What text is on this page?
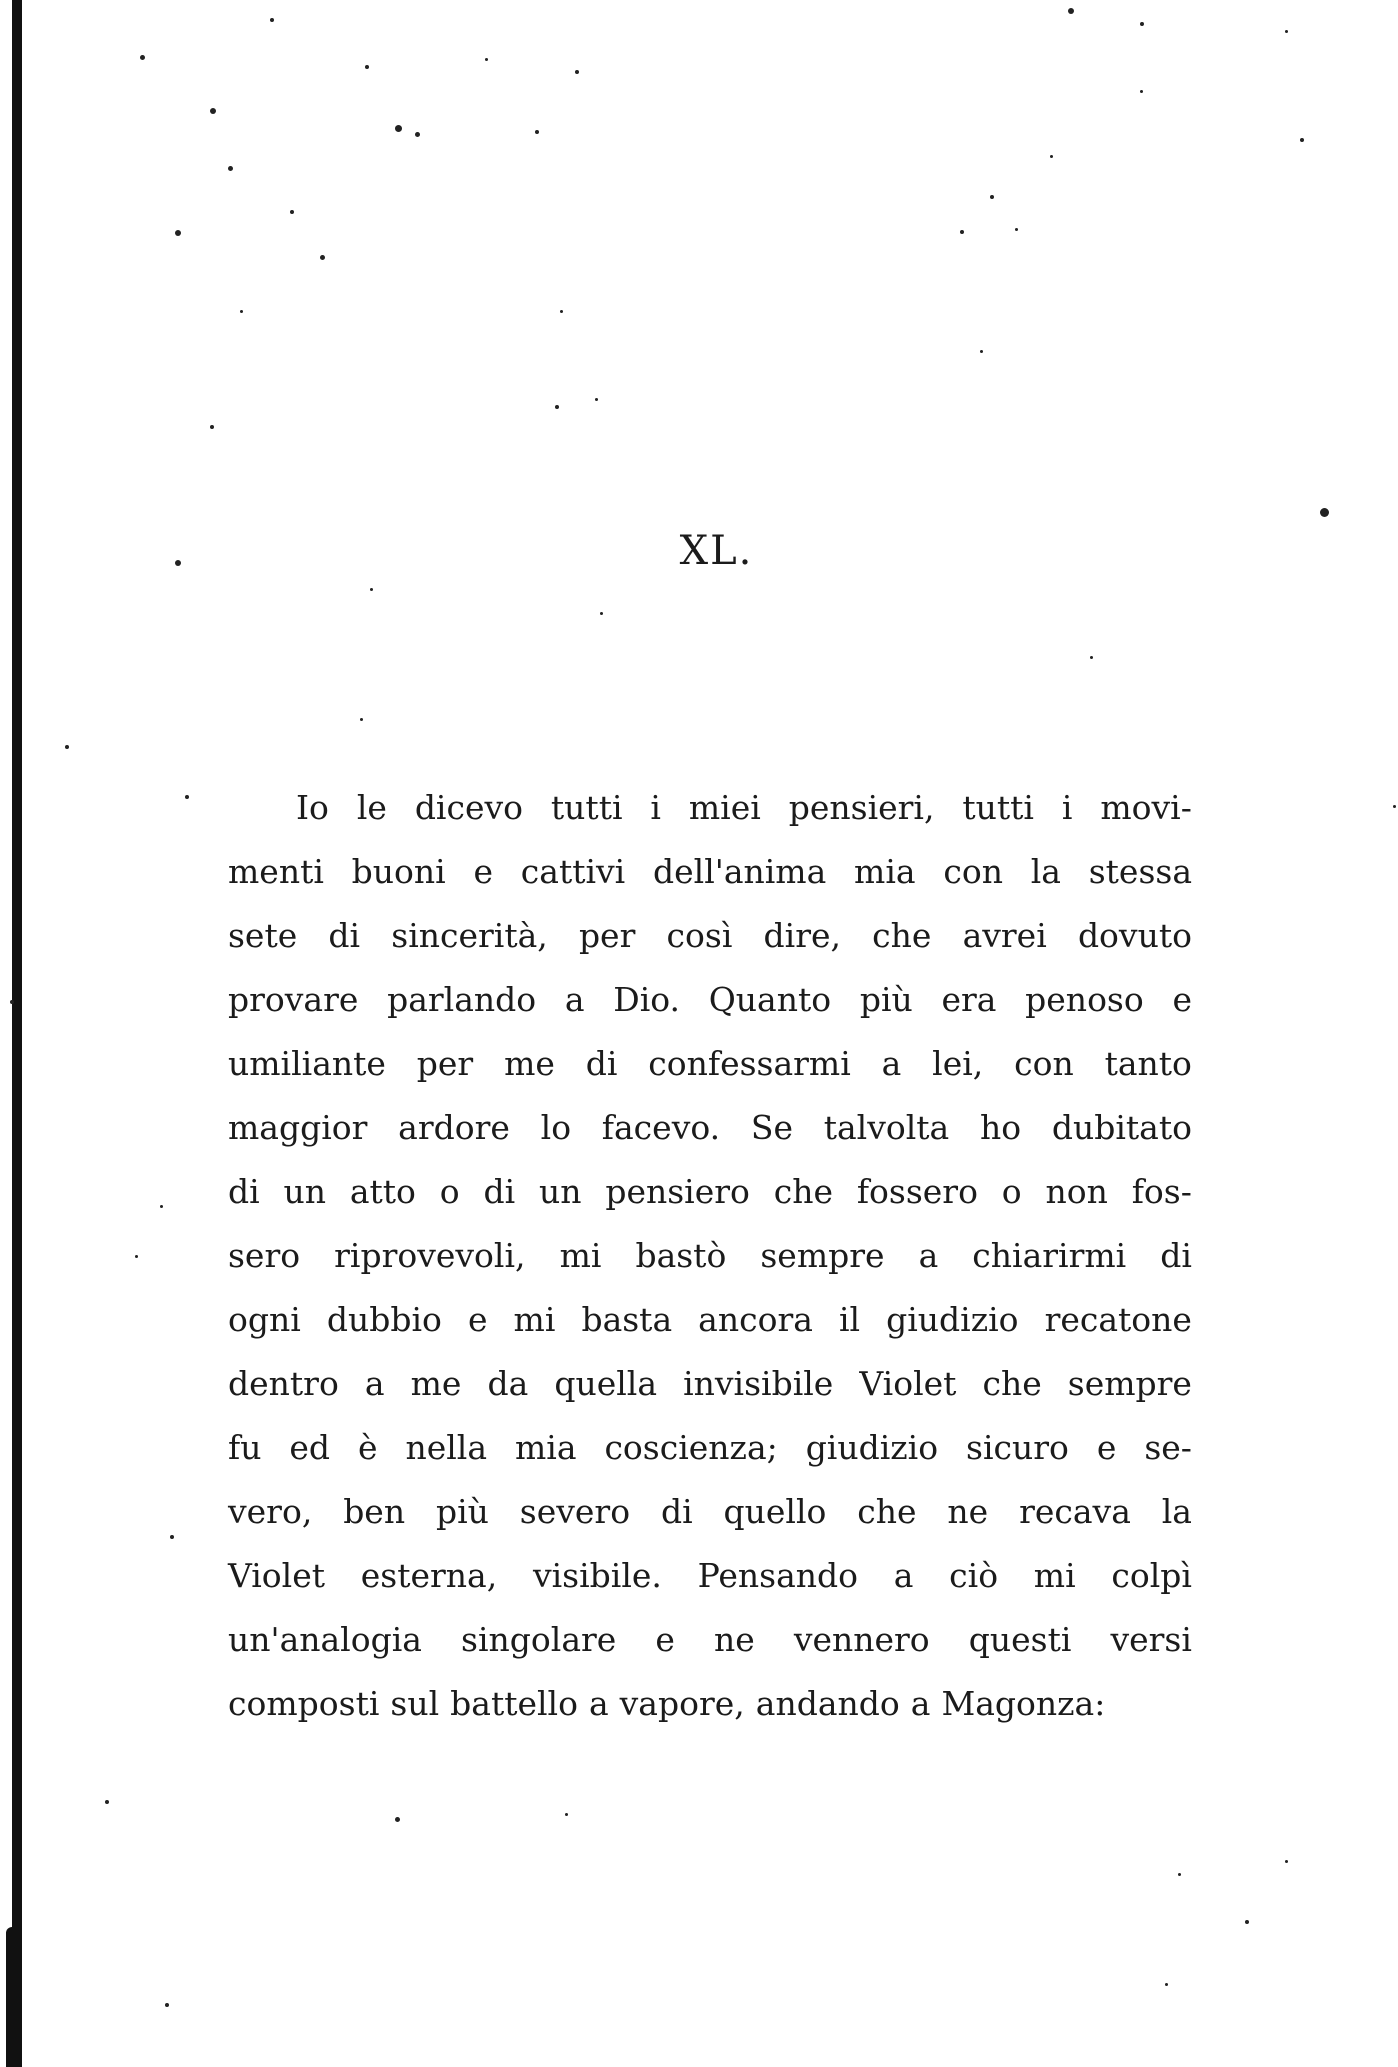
XL.
Io le dicevo tutti i miei pensieri, tutti i movi-
menti buoni e cattivi dell'anima mia con la stessa
sete di sincerità, per così dire, che avrei dovuto
provare parlando a Dio. Quanto più era penoso e
umiliante per me di confessarmi a lei, con tanto
maggior ardore lo facevo. Se talvolta ho dubitato
di un atto o di un pensiero che fossero o non fos-
sero riprovevoli, mi bastò sempre a chiarirmi di
ogni dubbio e mi basta ancora il giudizio recatone
dentro a me da quella invisibile Violet che sempre
fu ed è nella mia coscienza; giudizio sicuro e se-
vero, ben più severo di quello che ne recava la
Violet esterna, visibile. Pensando a ciò mi colpì
un'analogia singolare e ne vennero questi versi
composti sul battello a vapore, andando a Magonza:
